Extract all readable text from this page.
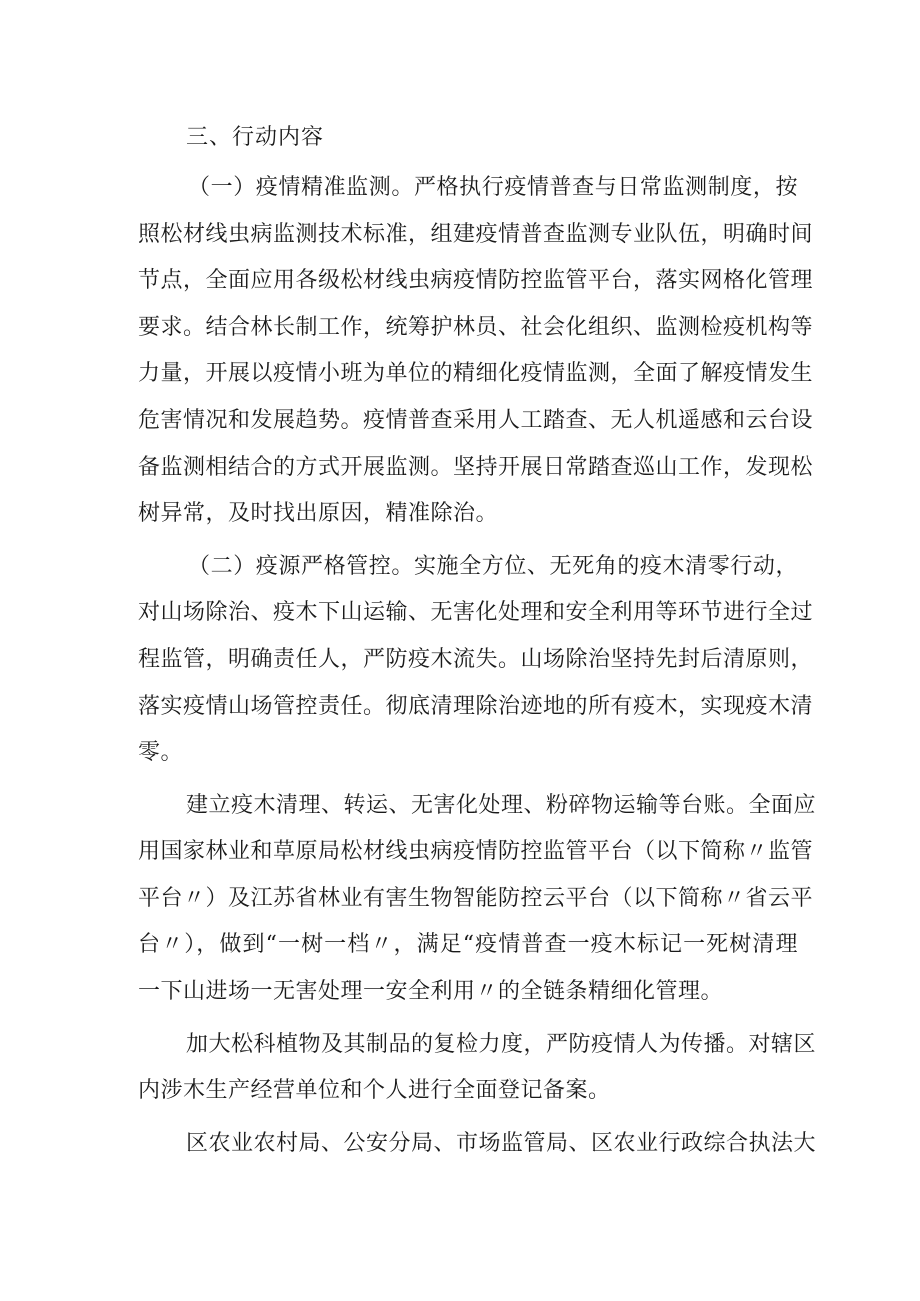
三、行动内容
（一）疫情精准监测。严格执行疫情普查与日常监测制度，按
照松材线虫病监测技术标准，组建疫情普查监测专业队伍，明确时间
节点，全面应用各级松材线虫病疫情防控监管平台，落实网格化管理
要求。结合林长制工作，统筹护林员、社会化组织、监测检疫机构等
力量，开展以疫情小班为单位的精细化疫情监测，全面了解疫情发生
危害情况和发展趋势。疫情普查采用人工踏查、无人机遥感和云台设
备监测相结合的方式开展监测。坚持开展日常踏查巡山工作，发现松
树异常，及时找出原因，精准除治。
（二）疫源严格管控。实施全方位、无死角的疫木清零行动，
对山场除治、疫木下山运输、无害化处理和安全利用等环节进行全过
程监管，明确责任人，严防疫木流失。山场除治坚持先封后清原则，
落实疫情山场管控责任。彻底清理除治迹地的所有疫木，实现疫木清
零。
建立疫木清理、转运、无害化处理、粉碎物运输等台账。全面应
用国家林业和草原局松材线虫病疫情防控监管平台（以下简称〃监管
平台〃）及江苏省林业有害生物智能防控云平台（以下简称〃省云平
台〃），做到“一树一档〃，满足“疫情普查一疫木标记一死树清理
一下山进场一无害处理一安全利用〃的全链条精细化管理。
加大松科植物及其制品的复检力度，严防疫情人为传播。对辖区
内涉木生产经营单位和个人进行全面登记备案。
区农业农村局、公安分局、市场监管局、区农业行政综合执法大
